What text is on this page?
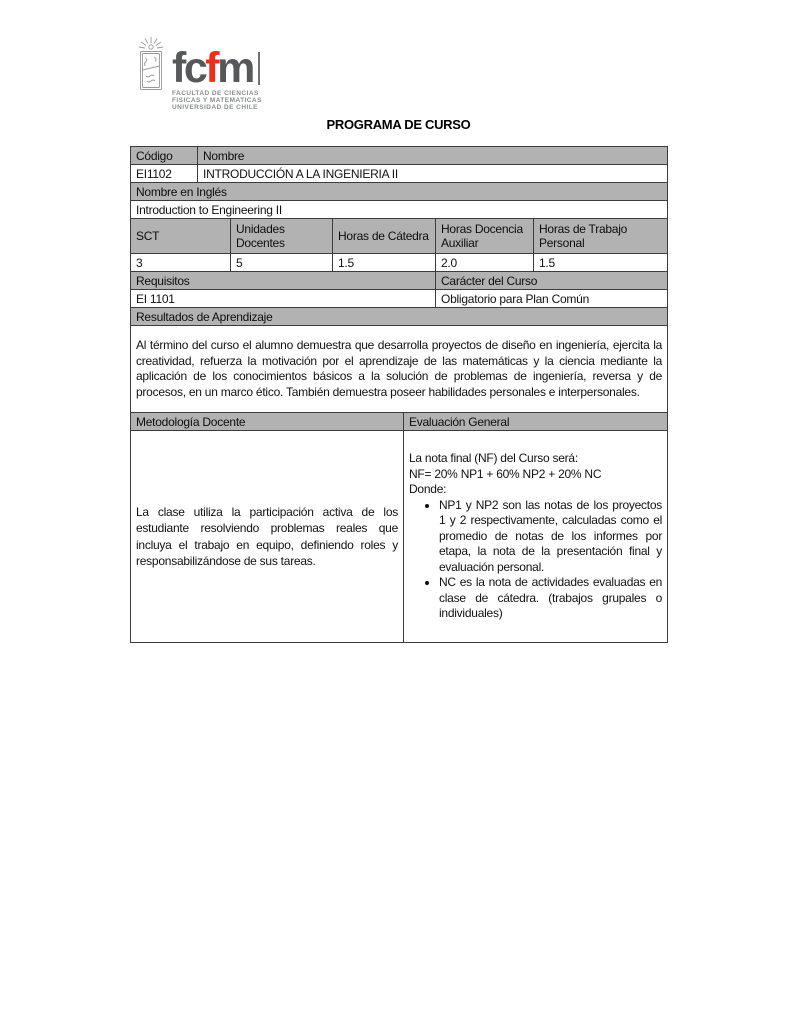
fc f m
FACULTAD DE CIENCIAS
FISICAS Y MATEMATICAS
UNIVERSIDAD DE CHILE
PROGRAMA DE CURSO
Código	Nombre					
EI1102	INTRODUCCIÓN A LA INGENIERIA II					
Nombre en Inglés						
Introduction to Engineering II						
SCT		Unidades Docentes	Horas de Cátedra		Horas Docencia Auxiliar	Horas de Trabajo Personal
3		5	1.5		2.0	1.5
Requisitos					Carácter del Curso	
EI 1101					Obligatorio para Plan Común	
Resultados de Aprendizaje						

Al término del curso el alumno demuestra que desarrolla proyectos de diseño en ingeniería, ejercita la creatividad, refuerza la motivación por el aprendizaje de las matemáticas y la ciencia mediante la aplicación de los conocimientos básicos a la solución de problemas de ingeniería, reversa y de procesos, en un marco ético. También demuestra poseer habilidades personales e interpersonales.						

Metodología Docente				Evaluación General		

La clase utiliza la participación activa de los estudiante resolviendo problemas reales que incluya el trabajo en equipo, definiendo roles y responsabilizándose de sus tareas.

La nota final (NF) del Curso será:
NF= 20% NP1 + 60% NP2 + 20% NC
Donde:
• NP1 y NP2 son las notas de los proyectos 1 y 2 respectivamente, calculadas como el promedio de notas de los informes por etapa, la nota de la presentación final y evaluación personal.
• NC es la nota de actividades evaluadas en clase de cátedra. (trabajos grupales o individuales)
